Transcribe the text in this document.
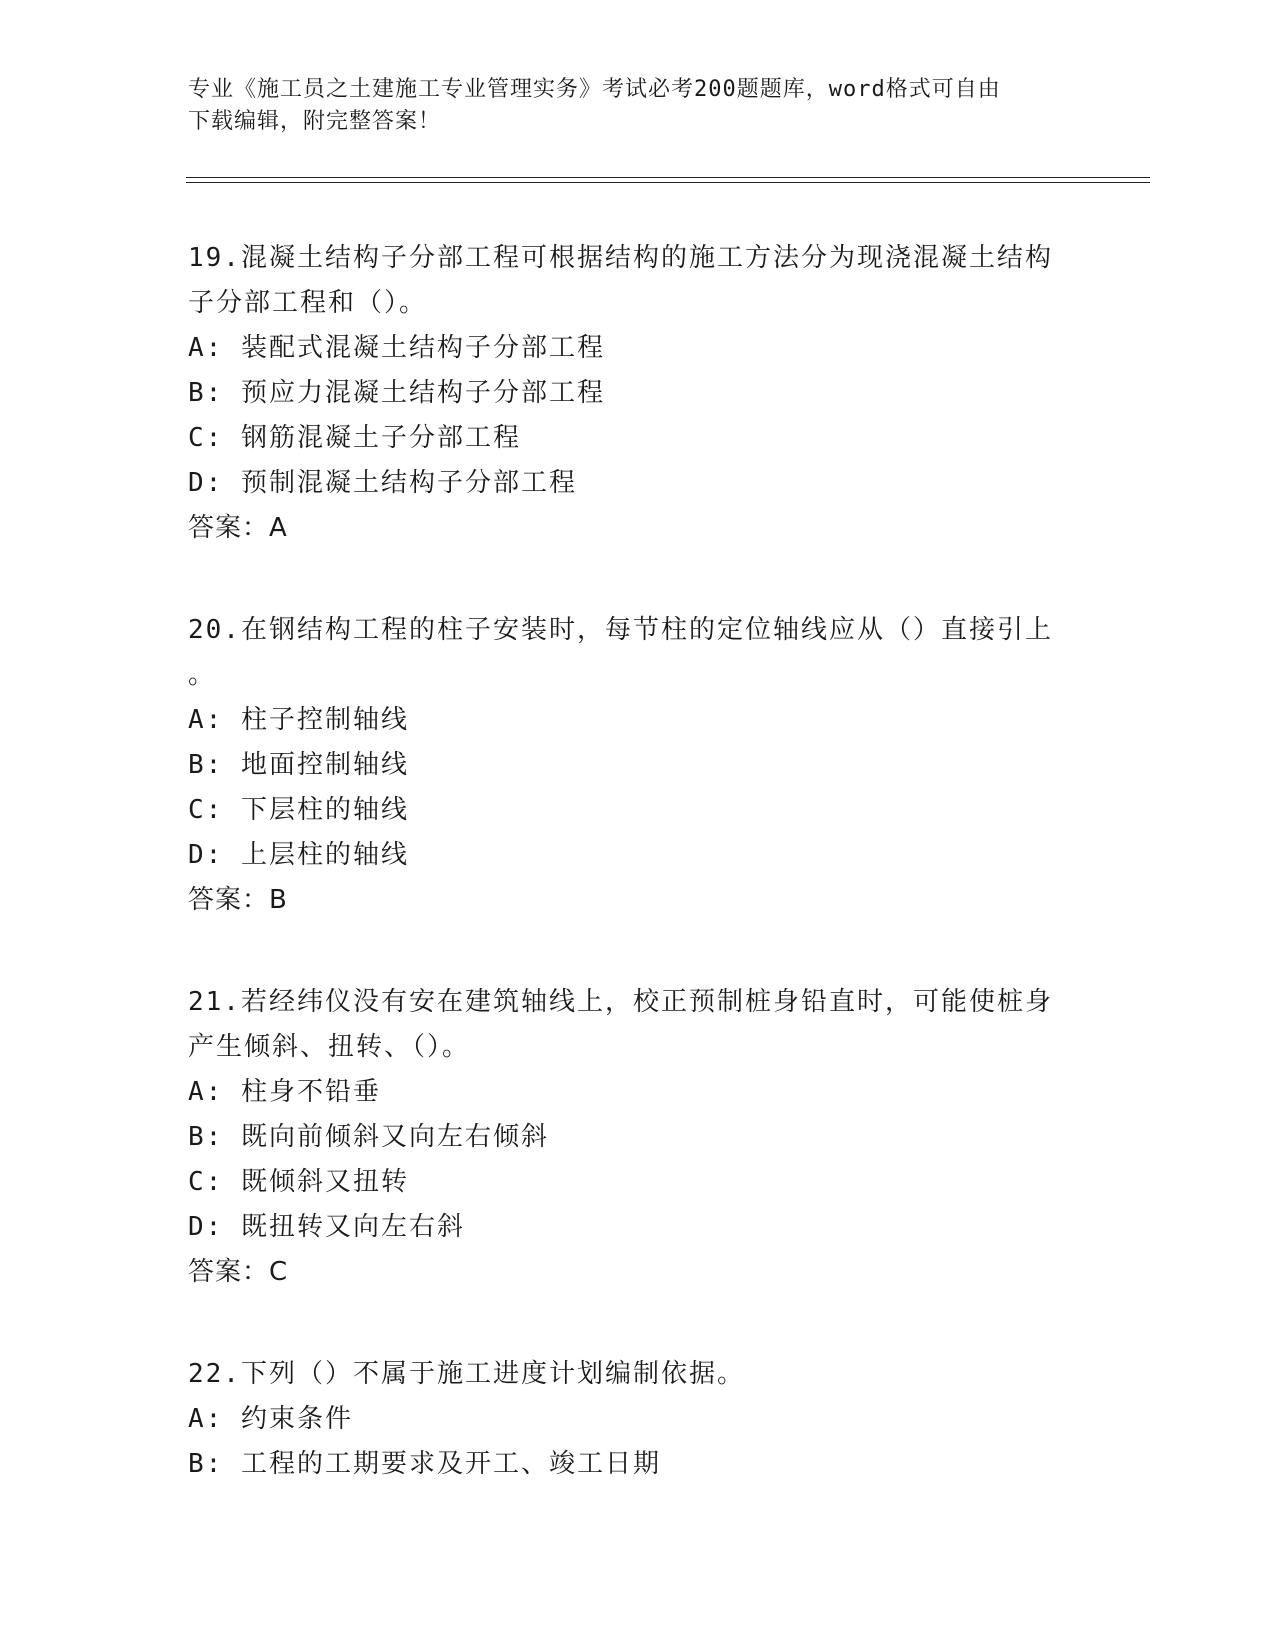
专业《施工员之土建施工专业管理实务》考试必考200题题库，word格式可自由
下载编辑，附完整答案！
19.混凝土结构子分部工程可根据结构的施工方法分为现浇混凝土结构
子分部工程和（）。
A: 装配式混凝土结构子分部工程
B: 预应力混凝土结构子分部工程
C: 钢筋混凝土子分部工程
D: 预制混凝土结构子分部工程
答案：A
20.在钢结构工程的柱子安装时，每节柱的定位轴线应从（）直接引上
。
A: 柱子控制轴线
B: 地面控制轴线
C: 下层柱的轴线
D: 上层柱的轴线
答案：B
21.若经纬仪没有安在建筑轴线上，校正预制桩身铅直时，可能使桩身
产生倾斜、扭转、（）。
A: 柱身不铅垂
B: 既向前倾斜又向左右倾斜
C: 既倾斜又扭转
D: 既扭转又向左右斜
答案：C
22.下列（）不属于施工进度计划编制依据。
A: 约束条件
B: 工程的工期要求及开工、竣工日期
